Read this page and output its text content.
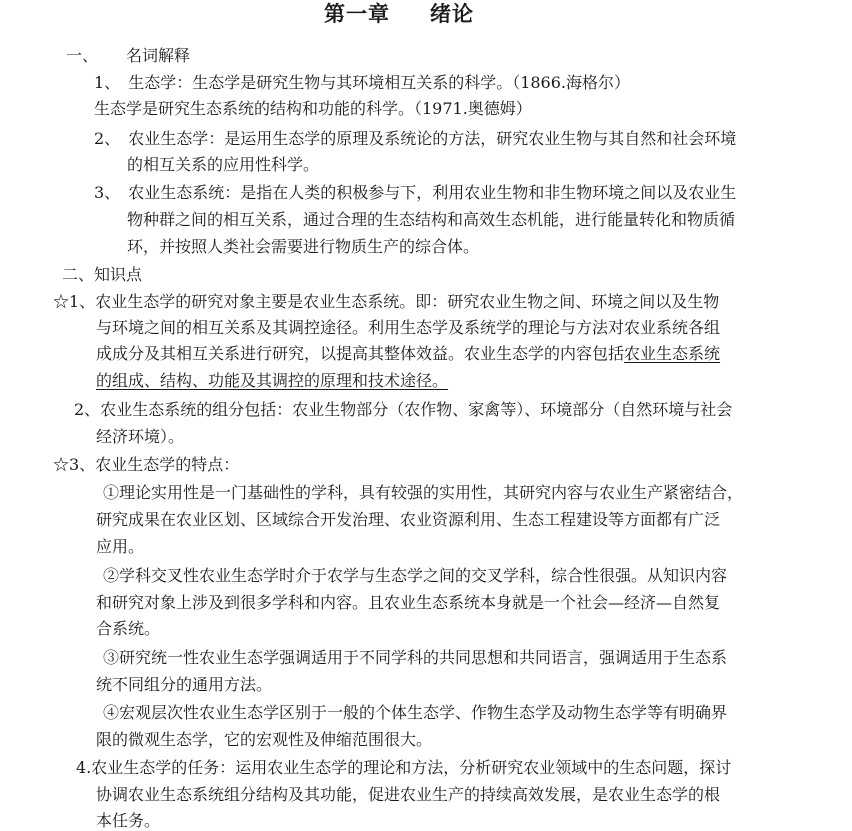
第一章 绪论
一、 名词解释
1、 生态学：生态学是研究生物与其环境相互关系的科学。（1866.海格尔）
生态学是研究生态系统的结构和功能的科学。（1971.奥德姆）
2、 农业生态学：是运用生态学的原理及系统论的方法，研究农业生物与其自然和社会环境
的相互关系的应用性科学。
3、 农业生态系统：是指在人类的积极参与下，利用农业生物和非生物环境之间以及农业生
物种群之间的相互关系，通过合理的生态结构和高效生态机能，进行能量转化和物质循
环，并按照人类社会需要进行物质生产的综合体。
二、知识点
☆1、农业生态学的研究对象主要是农业生态系统。即：研究农业生物之间、环境之间以及生物
与环境之间的相互关系及其调控途径。利用生态学及系统学的理论与方法对农业系统各组
成成分及其相互关系进行研究，以提高其整体效益。农业生态学的内容包括农业生态系统
的组成、结构、功能及其调控的原理和技术途径。
2、农业生态系统的组分包括：农业生物部分（农作物、家禽等）、环境部分（自然环境与社会
经济环境）。
☆3、农业生态学的特点：
①理论实用性是一门基础性的学科，具有较强的实用性，其研究内容与农业生产紧密结合，
研究成果在农业区划、区域综合开发治理、农业资源利用、生态工程建设等方面都有广泛
应用。
②学科交叉性农业生态学时介于农学与生态学之间的交叉学科，综合性很强。从知识内容
和研究对象上涉及到很多学科和内容。且农业生态系统本身就是一个社会—经济—自然复
合系统。
③研究统一性农业生态学强调适用于不同学科的共同思想和共同语言，强调适用于生态系
统不同组分的通用方法。
④宏观层次性农业生态学区别于一般的个体生态学、作物生态学及动物生态学等有明确界
限的微观生态学，它的宏观性及伸缩范围很大。
4.农业生态学的任务：运用农业生态学的理论和方法，分析研究农业领域中的生态问题，探讨
协调农业生态系统组分结构及其功能，促进农业生产的持续高效发展，是农业生态学的根
本任务。
